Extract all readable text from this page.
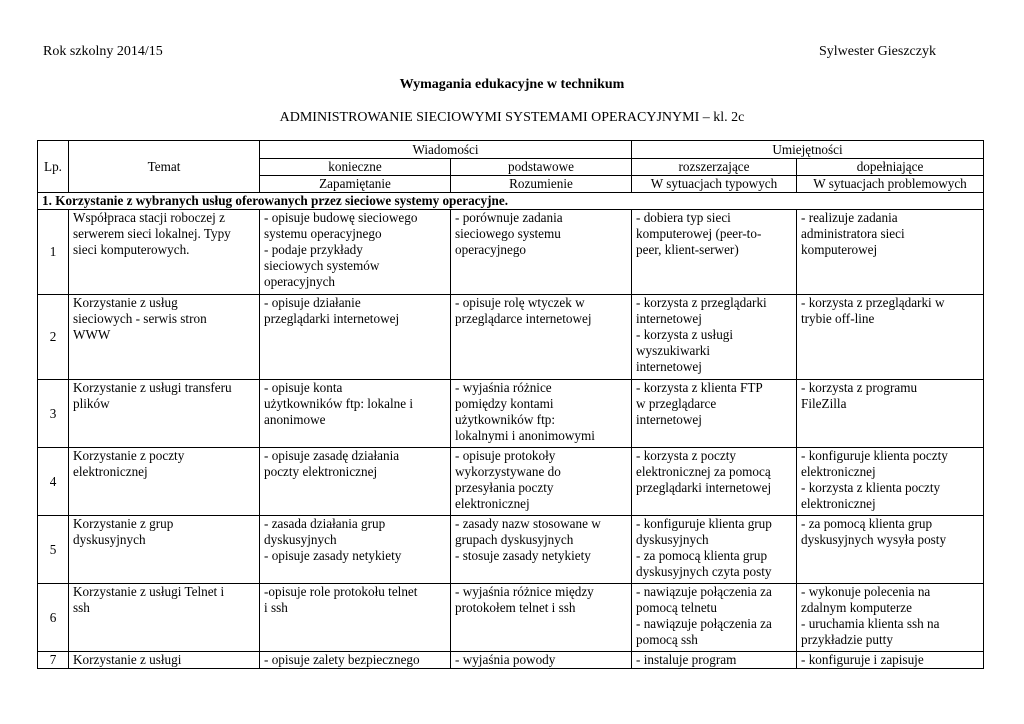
Rok szkolny 2014/15	Sylwester Gieszczyk
Wymagania edukacyjne w technikum
ADMINISTROWANIE SIECIOWYMI SYSTEMAMI OPERACYJNYMI – kl. 2c
Lp.	Temat	Wiadomości		Umiejętności	
		konieczne	podstawowe	rozszerzające	dopełniające
		Zapamiętanie	Rozumienie	W sytuacjach typowych	W sytuacjach problemowych
1. Korzystanie z wybranych usług oferowanych przez sieciowe systemy operacyjne.					
1	Współpraca stacji roboczej z
serwerem sieci lokalnej. Typy
sieci komputerowych.	- opisuje budowę sieciowego
systemu operacyjnego
- podaje przykłady
sieciowych systemów
operacyjnych	- porównuje zadania
sieciowego systemu
operacyjnego	- dobiera typ sieci
komputerowej (peer-to-
peer, klient-serwer)	- realizuje zadania
administratora sieci
komputerowej

2	Korzystanie z usług
sieciowych - serwis stron
WWW	- opisuje działanie
przeglądarki internetowej	- opisuje rolę wtyczek w
przeglądarce internetowej	- korzysta z przeglądarki
internetowej
- korzysta z usługi
wyszukiwarki
internetowej	- korzysta z przeglądarki w
trybie off-line

3	Korzystanie z usługi transferu
plików	- opisuje konta
użytkowników ftp: lokalne i
anonimowe	- wyjaśnia różnice
pomiędzy kontami
użytkowników ftp:
lokalnymi i anonimowymi	- korzysta z klienta FTP
w przeglądarce
internetowej	- korzysta z programu
FileZilla

4	Korzystanie z poczty
elektronicznej	- opisuje zasadę działania
poczty elektronicznej	- opisuje protokoły
wykorzystywane do
przesyłania poczty
elektronicznej	- korzysta z poczty
elektronicznej za pomocą
przeglądarki internetowej	- konfiguruje klienta poczty
elektronicznej
- korzysta z klienta poczty
elektronicznej

5	Korzystanie z grup
dyskusyjnych	- zasada działania grup
dyskusyjnych
- opisuje zasady netykiety	- zasady nazw stosowane w
grupach dyskusyjnych
- stosuje zasady netykiety	- konfiguruje klienta grup
dyskusyjnych
- za pomocą klienta grup
dyskusyjnych czyta posty	- za pomocą klienta grup
dyskusyjnych wysyła posty

6	Korzystanie z usługi Telnet i
ssh	-opisuje role protokołu telnet
i ssh	- wyjaśnia różnice między
protokołem telnet i ssh	- nawiązuje połączenia za
pomocą telnetu
- nawiązuje połączenia za
pomocą ssh	- wykonuje polecenia na
zdalnym komputerze
- uruchamia klienta ssh na
przykładzie putty

7	Korzystanie z usługi	- opisuje zalety bezpiecznego	- wyjaśnia powody	- instaluje program	- konfiguruje i zapisuje
